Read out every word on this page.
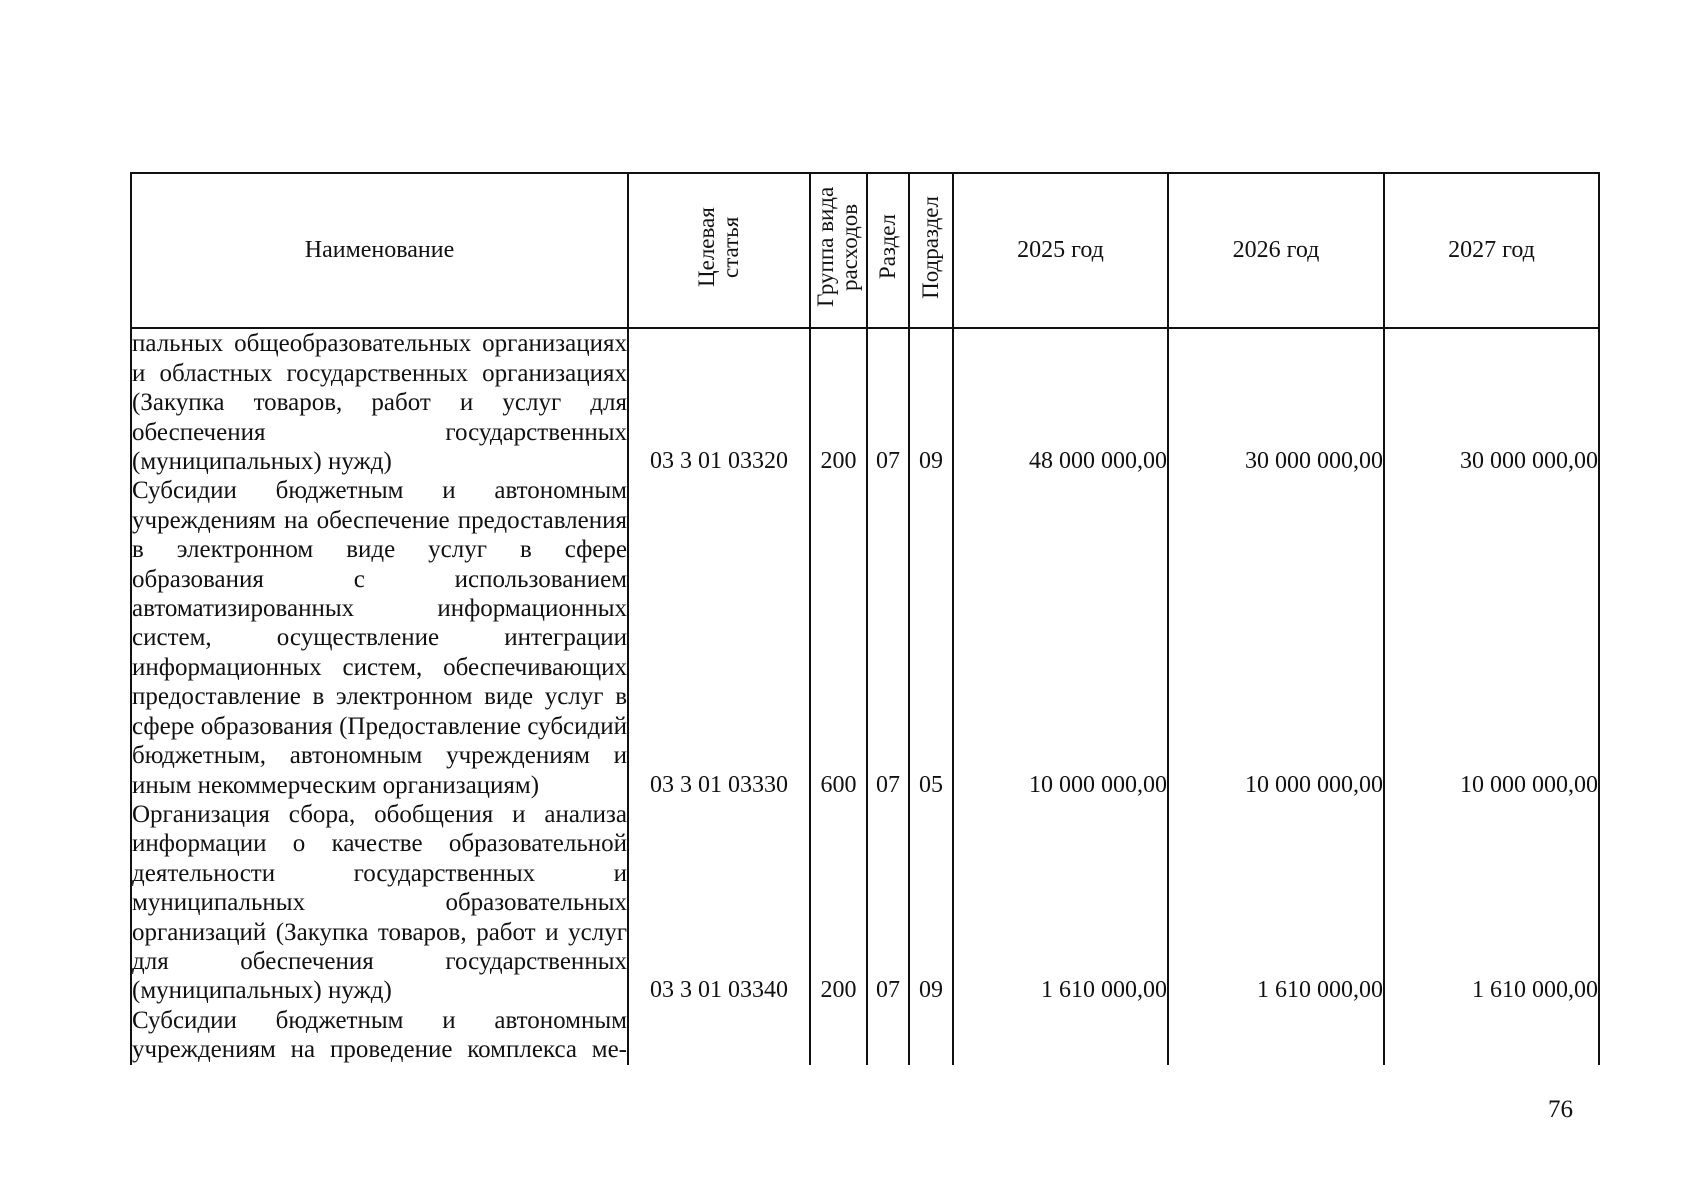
Наименование	Целевая статья	Группа вида расходов	Раздел	Подраздел	2025 год	2026 год	2027 год

пальных общеобразовательных организациях и областных государственных организациях (Закупка товаров, работ и услуг для обеспечения государственных (муниципальных) нужд)	03 3 01 03320	200	07	09	48 000 000,00	30 000 000,00	30 000 000,00

Субсидии бюджетным и автономным учреждениям на обеспечение предоставления в электронном виде услуг в сфере образования с использованием автоматизированных информационных систем, осуществление интеграции информационных систем, обеспечивающих предоставление в электронном виде услуг в сфере образования (Предоставление субсидий бюджетным, автономным учреждениям и иным некоммерческим организациям)	03 3 01 03330	600	07	05	10 000 000,00	10 000 000,00	10 000 000,00

Организация сбора, обобщения и анализа информации о качестве образовательной деятельности государственных и муниципальных образовательных организаций (Закупка товаров, работ и услуг для обеспечения государственных (муниципальных) нужд)	03 3 01 03340	200	07	09	1 610 000,00	1 610 000,00	1 610 000,00

Субсидии бюджетным и автономным учреждениям на проведение комплекса ме-							

76
